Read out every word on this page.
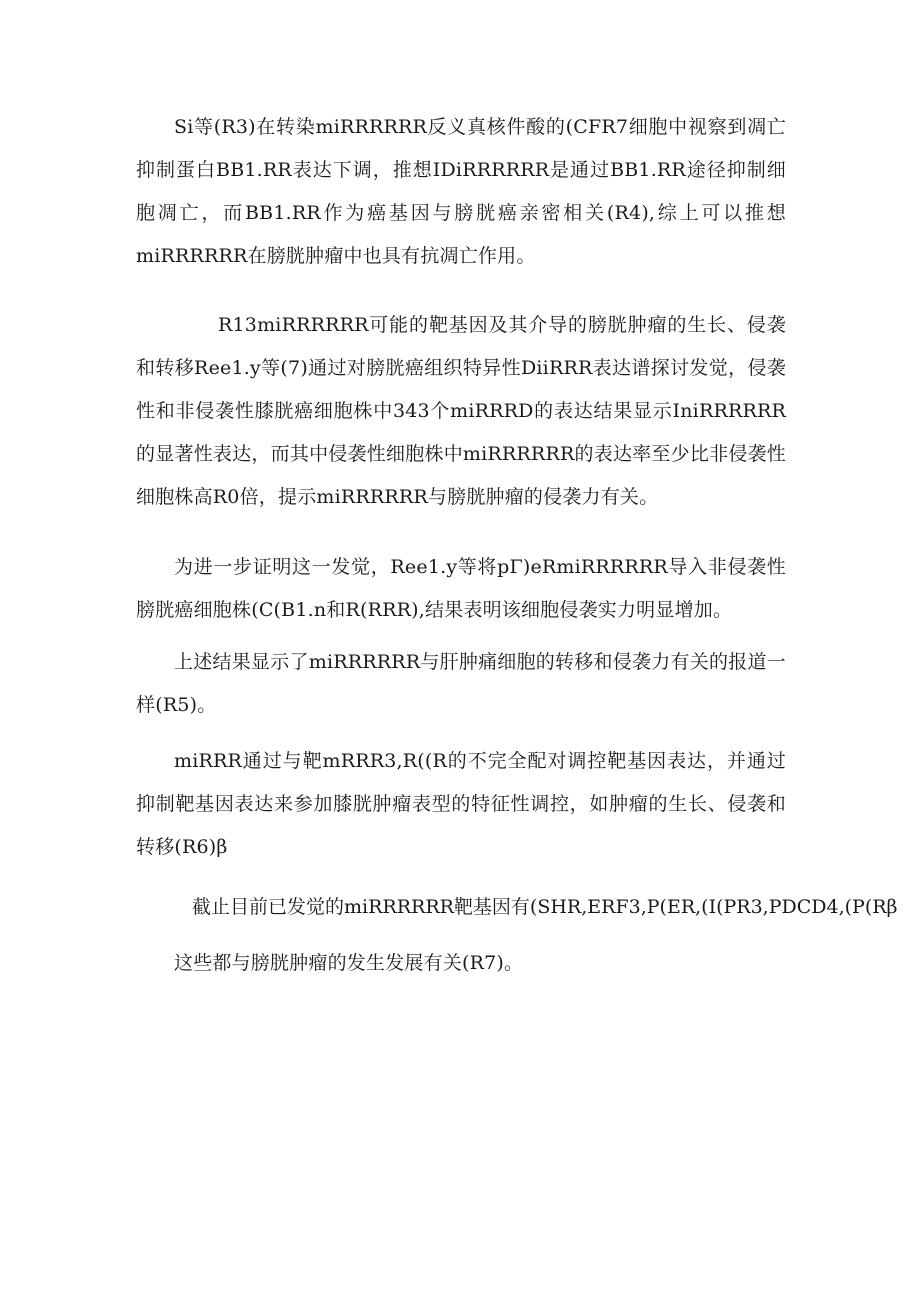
Si等(R3)在转染miRRRRRR反义真核件酸的(CFR7细胞中视察到凋亡抑制蛋白BB1.RR表达下调，推想IDiRRRRRR是通过BB1.RR途径抑制细胞凋亡，而BB1.RR作为癌基因与膀胱癌亲密相关(R4),综上可以推想miRRRRRR在膀胱肿瘤中也具有抗凋亡作用。

R13miRRRRRR可能的靶基因及其介导的膀胱肿瘤的生长、侵袭和转移Ree1.y等(7)通过对膀胱癌组织特异性DiiRRR表达谱探讨发觉，侵袭性和非侵袭性膝胱癌细胞株中343个miRRRD的表达结果显示IniRRRRRR的显著性表达，而其中侵袭性细胞株中miRRRRRR的表达率至少比非侵袭性细胞株高R0倍，提示miRRRRRR与膀胱肿瘤的侵袭力有关。

为进一步证明这一发觉，Ree1.y等将pΓ)eRmiRRRRRR导入非侵袭性膀胱癌细胞株(C(B1.n和R(RRR),结果表明该细胞侵袭实力明显增加。

上述结果显示了miRRRRRR与肝肿痛细胞的转移和侵袭力有关的报道一样(R5)。

miRRR通过与靶mRRR3,R((R的不完全配对调控靶基因表达，并通过抑制靶基因表达来参加膝胱肿瘤表型的特征性调控，如肿瘤的生长、侵袭和转移(R6)β

截止目前已发觉的miRRRRRR靶基因有(SHR,ERF3,P(ER,(I(PR3,PDCD4,(P(Rβ

这些都与膀胱肿瘤的发生发展有关(R7)。
